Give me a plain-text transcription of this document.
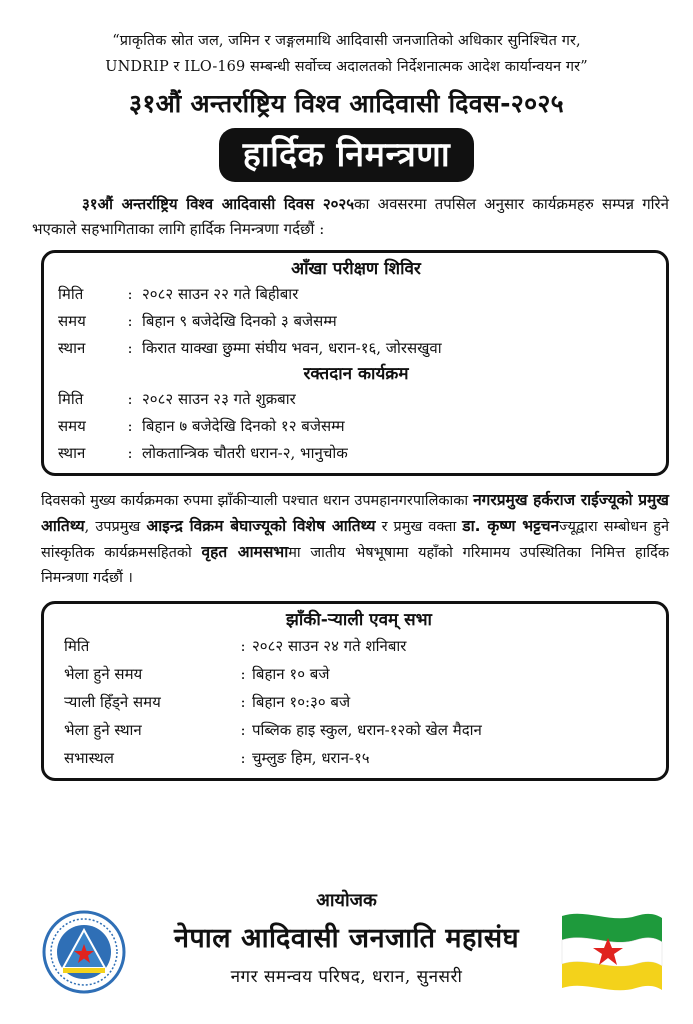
“प्राकृतिक स्रोत जल, जमिन र जङ्गलमाथि आदिवासी जनजातिको अधिकार सुनिश्चित गर,
UNDRIP र ILO-169 सम्बन्धी सर्वोच्च अदालतको निर्देशनात्मक आदेश कार्यान्वयन गर”
३१औं अन्तर्राष्ट्रिय विश्व आदिवासी दिवस-२०२५
हार्दिक निमन्त्रणा
३१औं अन्तर्राष्ट्रिय विश्व आदिवासी दिवस २०२५का अवसरमा तपसिल अनुसार कार्यक्रमहरु सम्पन्न गरिने भएकाले सहभागिताका लागि हार्दिक निमन्त्रणा गर्दछौं :
आँखा परीक्षण शिविर
मिति	: २०८२ साउन २२ गते बिहीबार
समय	: बिहान ९ बजेदेखि दिनको ३ बजेसम्म
स्थान	: किरात याक्खा छुम्मा संघीय भवन, धरान-१६, जोरसखुवा
रक्तदान कार्यक्रम
मिति	: २०८२ साउन २३ गते शुक्रबार
समय	: बिहान ७ बजेदेखि दिनको १२ बजेसम्म
स्थान	: लोकतान्त्रिक चौतरी धरान-२, भानुचोक
दिवसको मुख्य कार्यक्रमका रुपमा झाँकीऱ्याली पश्चात धरान उपमहानगरपालिकाका नगरप्रमुख हर्कराज राईज्यूको प्रमुख आतिथ्य, उपप्रमुख आइन्द्र विक्रम बेघाज्यूको विशेष आतिथ्य र प्रमुख वक्ता डा. कृष्ण भट्टचनज्यूद्वारा सम्बोधन हुने सांस्कृतिक कार्यक्रमसहितको वृहत आमसभामा जातीय भेषभूषामा यहाँको गरिमामय उपस्थितिका निमित्त हार्दिक निमन्त्रणा गर्दछौं ।
झाँकी-ऱ्याली एवम् सभा
मिति	: २०८२ साउन २४ गते शनिबार
भेला हुने समय	: बिहान १० बजे
ऱ्याली हिँड्ने समय	: बिहान १०:३० बजे
भेला हुने स्थान	: पब्लिक हाइ स्कुल, धरान-१२को खेल मैदान
सभास्थल	: चुम्लुङ हिम, धरान-१५
आयोजक
नेपाल आदिवासी जनजाति महासंघ
नगर समन्वय परिषद, धरान, सुनसरी
